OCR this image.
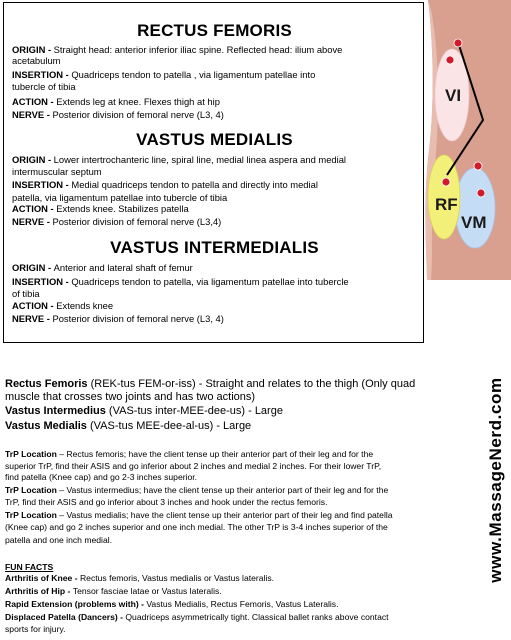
RECTUS FEMORIS
ORIGIN - Straight head: anterior inferior iliac spine. Reflected head: ilium above
acetabulum
INSERTION - Quadriceps tendon to patella , via ligamentum patellae into
tubercle of tibia
ACTION - Extends leg at knee. Flexes thigh at hip
NERVE - Posterior division of femoral nerve (L3, 4)
VASTUS MEDIALIS
ORIGIN - Lower intertrochanteric line, spiral line, medial linea aspera and medial
intermuscular septum
INSERTION - Medial quadriceps tendon to patella and directly into medial
patella, via ligamentum patellae into tubercle of tibia
ACTION - Extends knee. Stabilizes patella
NERVE - Posterior division of femoral nerve (L3,4)
VASTUS INTERMEDIALIS
ORIGIN - Anterior and lateral shaft of femur
INSERTION - Quadriceps tendon to patella, via ligamentum patellae into tubercle
of tibia
ACTION - Extends knee
NERVE - Posterior division of femoral nerve (L3, 4)
VI
RF
VM
www.MassageNerd.com
Rectus Femoris (REK-tus FEM-or-iss) - Straight and relates to the thigh (Only quad
muscle that crosses two joints and has two actions)
Vastus Intermedius (VAS-tus inter-MEE-dee-us) - Large
Vastus Medialis (VAS-tus MEE-dee-al-us) - Large
TrP Location – Rectus femoris; have the client tense up their anterior part of their leg and for the
superior TrP, find their ASIS and go inferior about 2 inches and medial 2 inches. For their lower TrP,
find patella (Knee cap) and go 2-3 inches superior.
TrP Location – Vastus intermedius; have the client tense up their anterior part of their leg and for the
TrP, find their ASIS and go inferior about 3 inches and hook under the rectus femoris.
TrP Location – Vastus medialis; have the client tense up their anterior part of their leg and find patella
(Knee cap) and go 2 inches superior and one inch medial. The other TrP is 3-4 inches superior of the
patella and one inch medial.
FUN FACTS
Arthritis of Knee - Rectus femoris, Vastus medialis or Vastus lateralis.
Arthritis of Hip - Tensor fasciae latae or Vastus lateralis.
Rapid Extension (problems with) - Vastus Medialis, Rectus Femoris, Vastus Lateralis.
Displaced Patella (Dancers) - Quadriceps asymmetrically tight. Classical ballet ranks above contact
sports for injury.
